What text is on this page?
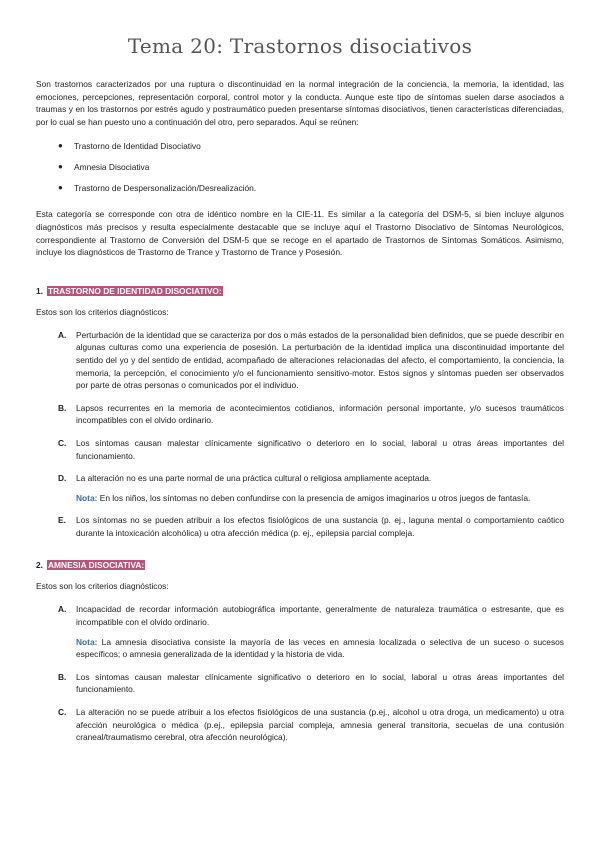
Tema 20: Trastornos disociativos

Son trastornos caracterizados por una ruptura o discontinuidad en la normal integración de la conciencia, la memoria, la identidad, las emociones, percepciones, representación corporal, control motor y la conducta. Aunque este tipo de síntomas suelen darse asociados a traumas y en los trastornos por estrés agudo y postraumático pueden presentarse síntomas disociativos, tienen características diferenciadas, por lo cual se han puesto uno a continuación del otro, pero separados. Aquí se reúnen:

● Trastorno de Identidad Disociativo
● Amnesia Disociativa
● Trastorno de Despersonalización/Desrealización.

Esta categoría se corresponde con otra de idéntico nombre en la CIE-11. Es similar a la categoría del DSM-5, si bien incluye algunos diagnósticos más precisos y resulta especialmente destacable que se incluye aquí el Trastorno Disociativo de Síntomas Neurológicos, correspondiente al Trastorno de Conversión del DSM-5 que se recoge en el apartado de Trastornos de Síntomas Somáticos. Asimismo, incluye los diagnósticos de Trastorno de Trance y Trastorno de Trance y Posesión.

1. TRASTORNO DE IDENTIDAD DISOCIATIVO:
Estos son los criterios diagnósticos:
A. Perturbación de la identidad que se caracteriza por dos o más estados de la personalidad bien definidos, que se puede describir en algunas culturas como una experiencia de posesión. La perturbación de la identidad implica una discontinuidad importante del sentido del yo y del sentido de entidad, acompañado de alteraciones relacionadas del afecto, el comportamiento, la conciencia, la memoria, la percepción, el conocimiento y/o el funcionamiento sensitivo-motor. Estos signos y síntomas pueden ser observados por parte de otras personas o comunicados por el individuo.

B. Lapsos recurrentes en la memoria de acontecimientos cotidianos, información personal importante, y/o sucesos traumáticos incompatibles con el olvido ordinario.

C. Los síntomas causan malestar clínicamente significativo o deterioro en lo social, laboral u otras áreas importantes del funcionamiento.

D. La alteración no es una parte normal de una práctica cultural o religiosa ampliamente aceptada.

Nota: En los niños, los síntomas no deben confundirse con la presencia de amigos imaginarios u otros juegos de fantasía.

E. Los síntomas no se pueden atribuir a los efectos fisiológicos de una sustancia (p. ej., laguna mental o comportamiento caótico durante la intoxicación alcohólica) u otra afección médica (p. ej., epilepsia parcial compleja.

2. AMNESIA DISOCIATIVA:
Estos son los criterios diagnósticos:
A. Incapacidad de recordar información autobiográfica importante, generalmente de naturaleza traumática o estresante, que es incompatible con el olvido ordinario.

Nota: La amnesia disociativa consiste la mayoría de las veces en amnesia localizada o selectiva de un suceso o sucesos específicos; o amnesia generalizada de la identidad y la historia de vida.

B. Los síntomas causan malestar clínicamente significativo o deterioro en lo social, laboral u otras áreas importantes del funcionamiento.

C. La alteración no se puede atribuir a los efectos fisiológicos de una sustancia (p.ej., alcohol u otra droga, un medicamento) u otra afección neurológica o médica (p.ej., epilepsia parcial compleja, amnesia general transitoria, secuelas de una contusión craneal/traumatismo cerebral, otra afección neurológica).
